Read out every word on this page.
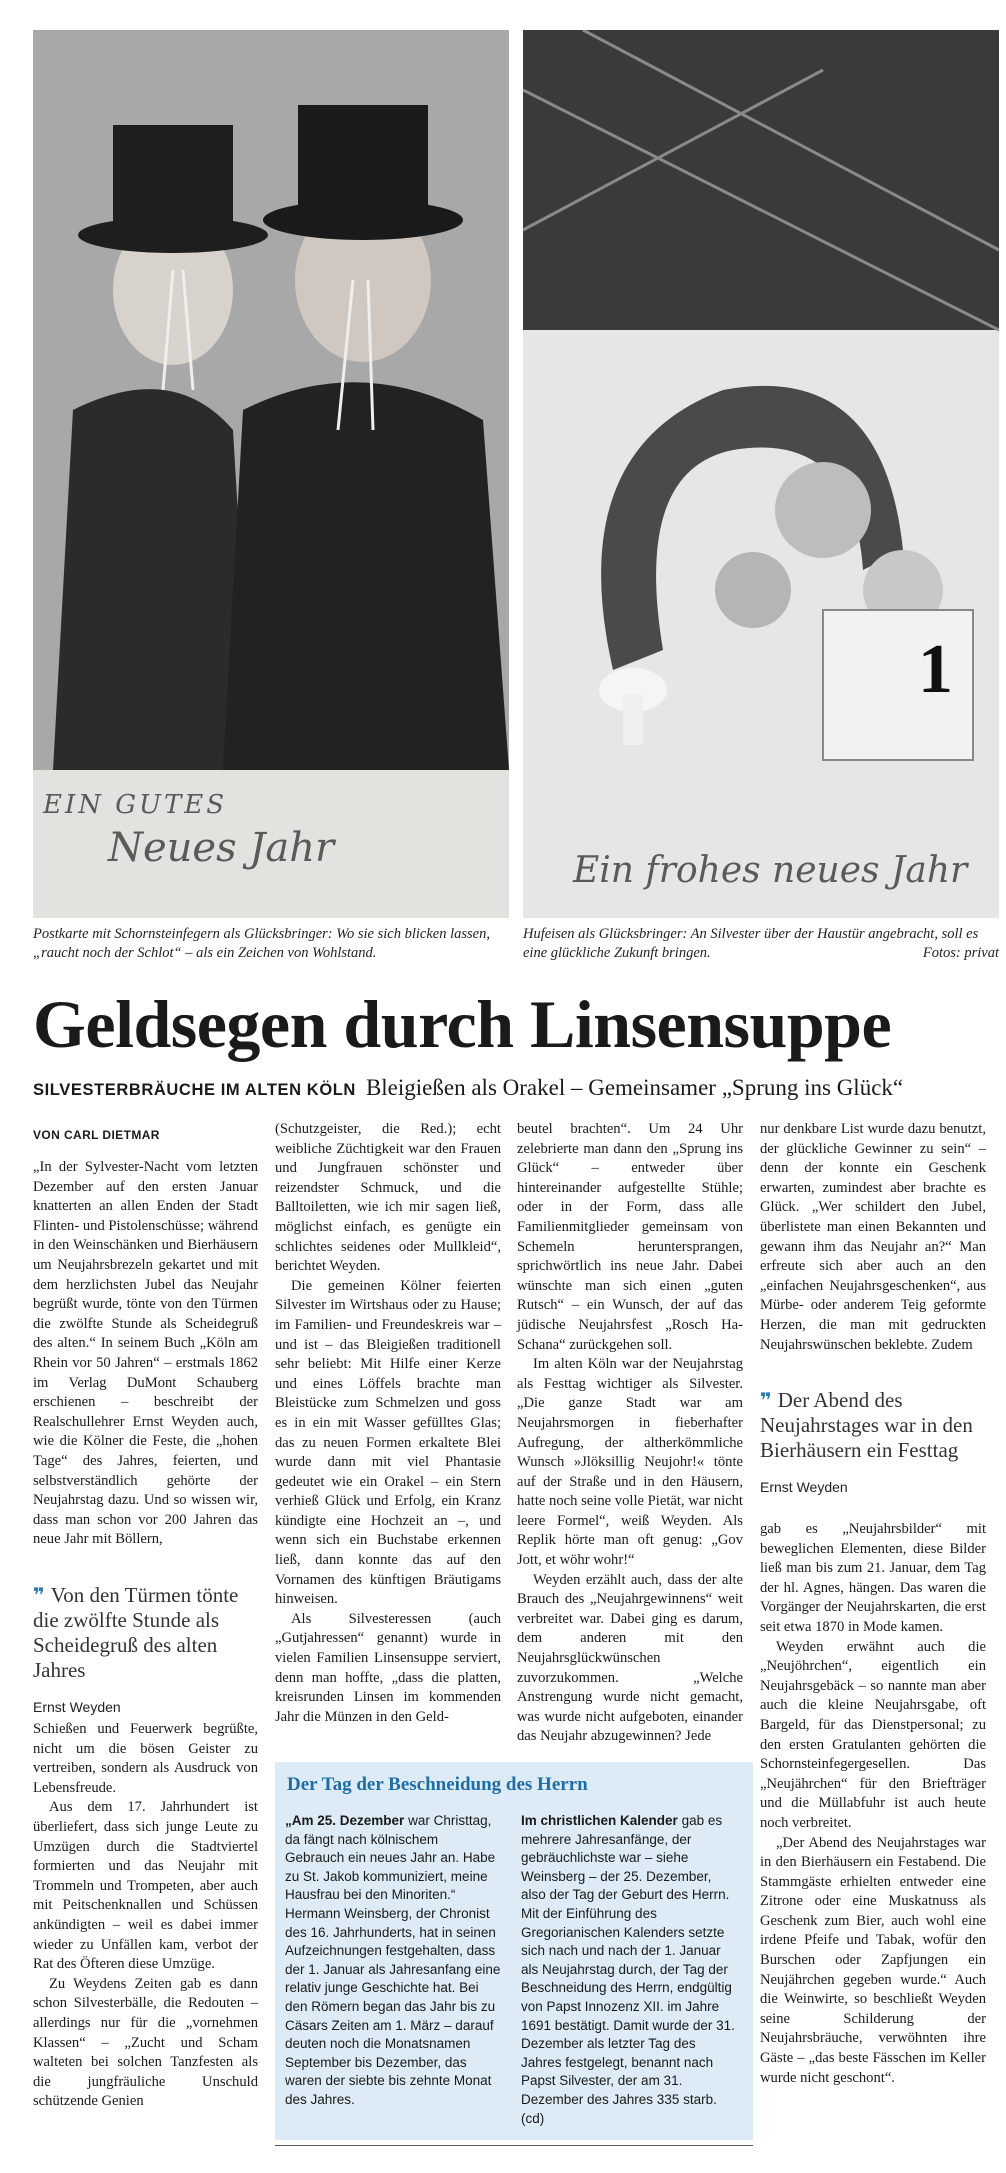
EIN GUTES
Neues Jahr
1
Ein frohes neues Jahr
Postkarte mit Schornsteinfegern als Glücksbringer: Wo sie sich blicken lassen, „raucht noch der Schlot“ – als ein Zeichen von Wohlstand.
Hufeisen als Glücksbringer: An Silvester über der Haustür angebracht, soll es eine glückliche Zukunft bringen.	Fotos: privat
Geldsegen durch Linsensuppe
SILVESTERBRÄUCHE IM ALTEN KÖLN Bleigießen als Orakel – Gemeinsamer „Sprung ins Glück“
VON CARL DIETMAR

„In der Sylvester-Nacht vom letzten Dezember auf den ersten Januar knatterten an allen Enden der Stadt Flinten- und Pistolenschüsse; während in den Weinschänken und Bierhäusern um Neujahrsbrezeln gekartet und mit dem herzlichsten Jubel das Neujahr begrüßt wurde, tönte von den Türmen die zwölfte Stunde als Scheidegruß des alten.“ In seinem Buch „Köln am Rhein vor 50 Jahren“ – erstmals 1862 im Verlag DuMont Schauberg erschienen – beschreibt der Realschullehrer Ernst Weyden auch, wie die Kölner die Feste, die „hohen Tage“ des Jahres, feierten, und selbstverständlich gehörte der Neujahrstag dazu. Und so wissen wir, dass man schon vor 200 Jahren das neue Jahr mit Böllern,

❞ Von den Türmen tönte die zwölfte Stunde als Scheidegruß des alten Jahres
Ernst Weyden

Schießen und Feuerwerk begrüßte, nicht um die bösen Geister zu vertreiben, sondern als Ausdruck von Lebensfreude.

Aus dem 17. Jahrhundert ist überliefert, dass sich junge Leute zu Umzügen durch die Stadtviertel formierten und das Neujahr mit Trommeln und Trompeten, aber auch mit Peitschenknallen und Schüssen ankündigten – weil es dabei immer wieder zu Unfällen kam, verbot der Rat des Öfteren diese Umzüge.

Zu Weydens Zeiten gab es dann schon Silvesterbälle, die Redouten – allerdings nur für die „vornehmen Klassen“ – „Zucht und Scham walteten bei solchen Tanzfesten als die jungfräuliche Unschuld schützende Genien

(Schutzgeister, die Red.); echt weibliche Züchtigkeit war den Frauen und Jungfrauen schönster und reizendster Schmuck, und die Balltoiletten, wie ich mir sagen ließ, möglichst einfach, es genügte ein schlichtes seidenes oder Mullkleid“, berichtet Weyden.

Die gemeinen Kölner feierten Silvester im Wirtshaus oder zu Hause; im Familien- und Freundeskreis war – und ist – das Bleigießen traditionell sehr beliebt: Mit Hilfe einer Kerze und eines Löffels brachte man Bleistücke zum Schmelzen und goss es in ein mit Wasser gefülltes Glas; das zu neuen Formen erkaltete Blei wurde dann mit viel Phantasie gedeutet wie ein Orakel – ein Stern verhieß Glück und Erfolg, ein Kranz kündigte eine Hochzeit an –, und wenn sich ein Buchstabe erkennen ließ, dann konnte das auf den Vornamen des künftigen Bräutigams hinweisen.

Als Silvesteressen (auch „Gutjahressen“ genannt) wurde in vielen Familien Linsensuppe serviert, denn man hoffte, „dass die platten, kreisrunden Linsen im kommenden Jahr die Münzen in den Geld-

beutel brachten“. Um 24 Uhr zelebrierte man dann den „Sprung ins Glück“ – entweder über hintereinander aufgestellte Stühle; oder in der Form, dass alle Familienmitglieder gemeinsam von Schemeln heruntersprangen, sprichwörtlich ins neue Jahr. Dabei wünschte man sich einen „guten Rutsch“ – ein Wunsch, der auf das jüdische Neujahrsfest „Rosch Ha-Schana“ zurückgehen soll.

Im alten Köln war der Neujahrstag als Festtag wichtiger als Silvester. „Die ganze Stadt war am Neujahrsmorgen in fieberhafter Aufregung, der altherkömmliche Wunsch »Jlöksillig Neujohr!« tönte auf der Straße und in den Häusern, hatte noch seine volle Pietät, war nicht leere Formel“, weiß Weyden. Als Replik hörte man oft genug: „Gov Jott, et wöhr wohr!“

Weyden erzählt auch, dass der alte Brauch des „Neujahrgewinnens“ weit verbreitet war. Dabei ging es darum, dem anderen mit den Neujahrsglückwünschen zuvorzukommen. „Welche Anstrengung wurde nicht gemacht, was wurde nicht aufgeboten, einander das Neujahr abzugewinnen? Jede

nur denkbare List wurde dazu benutzt, der glückliche Gewinner zu sein“ – denn der konnte ein Geschenk erwarten, zumindest aber brachte es Glück. „Wer schildert den Jubel, überlistete man einen Bekannten und gewann ihm das Neujahr an?“ Man erfreute sich aber auch an den „einfachen Neujahrsgeschenken“, aus Mürbe- oder anderem Teig geformte Herzen, die man mit gedruckten Neujahrswünschen beklebte. Zudem

❞ Der Abend des Neujahrstages war in den Bierhäusern ein Festtag
Ernst Weyden

gab es „Neujahrsbilder“ mit beweglichen Elementen, diese Bilder ließ man bis zum 21. Januar, dem Tag der hl. Agnes, hängen. Das waren die Vorgänger der Neujahrskarten, die erst seit etwa 1870 in Mode kamen.

Weyden erwähnt auch die „Neujöhrchen“, eigentlich ein Neujahrsgebäck – so nannte man aber auch die kleine Neujahrsgabe, oft Bargeld, für das Dienstpersonal; zu den ersten Gratulanten gehörten die Schornsteinfegergesellen. Das „Neujährchen“ für den Briefträger und die Müllabfuhr ist auch heute noch verbreitet.

„Der Abend des Neujahrstages war in den Bierhäusern ein Festabend. Die Stammgäste erhielten entweder eine Zitrone oder eine Muskatnuss als Geschenk zum Bier, auch wohl eine irdene Pfeife und Tabak, wofür den Burschen oder Zapfjungen ein Neujährchen gegeben wurde.“ Auch die Weinwirte, so beschließt Weyden seine Schilderung der Neujahrsbräuche, verwöhnten ihre Gäste – „das beste Fässchen im Keller wurde nicht geschont“.

Der Tag der Beschneidung des Herrn
„Am 25. Dezember war Christtag, da fängt nach kölnischem Gebrauch ein neues Jahr an. Habe zu St. Jakob kommuniziert, meine Hausfrau bei den Minoriten.“ Hermann Weinsberg, der Chronist des 16. Jahrhunderts, hat in seinen Aufzeichnungen festgehalten, dass der 1. Januar als Jahresanfang eine relativ junge Geschichte hat. Bei den Römern began das Jahr bis zu Cäsars Zeiten am 1. März – darauf deuten noch die Monatsnamen September bis Dezember, das waren der siebte bis zehnte Monat des Jahres.
Im christlichen Kalender gab es mehrere Jahresanfänge, der gebräuchlichste war – siehe Weinsberg – der 25. Dezember, also der Tag der Geburt des Herrn. Mit der Einführung des Gregorianischen Kalenders setzte sich nach und nach der 1. Januar als Neujahrstag durch, der Tag der Beschneidung des Herrn, endgültig von Papst Innozenz XII. im Jahre 1691 bestätigt. Damit wurde der 31. Dezember als letzter Tag des Jahres festgelegt, benannt nach Papst Silvester, der am 31. Dezember des Jahres 335 starb. (cd)
